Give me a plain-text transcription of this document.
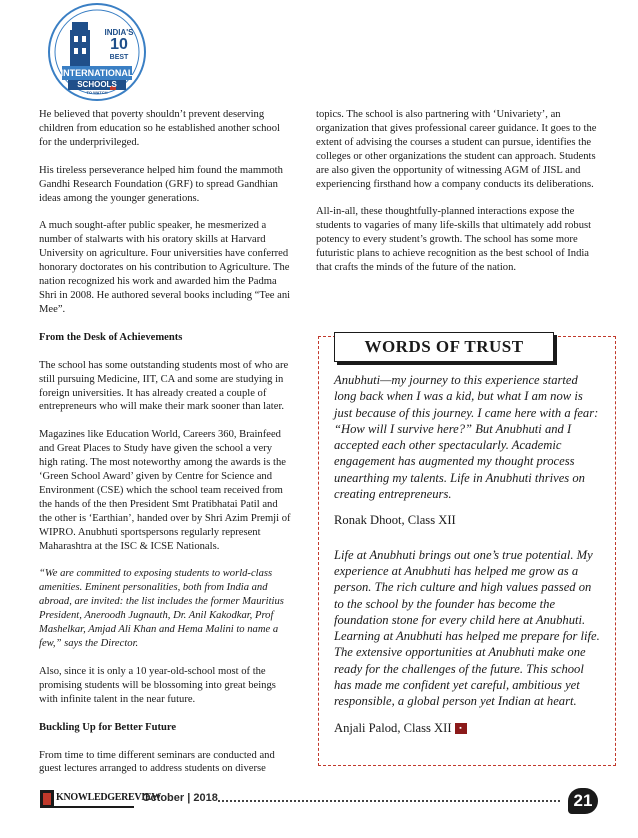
INDIA'S
10
BEST
INTERNATIONAL
SCHOOLS
TO WATCH

He believed that poverty shouldn’t prevent deserving children from education so he established another school for the underprivileged.

His tireless perseverance helped him found the mammoth Gandhi Research Foundation (GRF) to spread Gandhian ideas among the younger generations.

A much sought-after public speaker, he mesmerized a number of stalwarts with his oratory skills at Harvard University on agriculture. Four universities have conferred honorary doctorates on his contribution to Agriculture. The nation recognized his work and awarded him the Padma Shri in 2008. He authored several books including “Tee ani Mee”.

From the Desk of Achievements

The school has some outstanding students most of who are still pursuing Medicine, IIT, CA and some are studying in foreign universities. It has already created a couple of entrepreneurs who will make their mark sooner than later.

Magazines like Education World, Careers 360, Brainfeed and Great Places to Study have given the school a very high rating. The most noteworthy among the awards is the ‘Green School Award’ given by Centre for Science and Environment (CSE) which the school team received from the hands of the then President Smt Pratibhatai Patil and the other is ‘Earthian’, handed over by Shri Azim Premji of WIPRO. Anubhuti sportspersons regularly represent Maharashtra at the ISC & ICSE Nationals.

“We are committed to exposing students to world-class amenities. Eminent personalities, both from India and abroad, are invited: the list includes the former Mauritius President, Aneroodh Jugnauth, Dr. Anil Kakodkar, Prof Mashelkar, Amjad Ali Khan and Hema Malini to name a few,” says the Director.

Also, since it is only a 10 year-old-school most of the promising students will be blossoming into great beings with infinite talent in the near future.

Buckling Up for Better Future

From time to time different seminars are conducted and guest lectures arranged to address students on diverse

topics. The school is also partnering with ‘Univariety’, an organization that gives professional career guidance. It goes to the extent of advising the courses a student can pursue, identifies the colleges or other organizations the student can approach. Students are also given the opportunity of witnessing AGM of JISL and experiencing firsthand how a company conducts its deliberations.

All-in-all, these thoughtfully-planned interactions expose the students to vagaries of many life-skills that ultimately add robust potency to every student’s growth. The school has some more futuristic plans to achieve recognition as the best school of India that crafts the minds of the future of the nation.

WORDS OF TRUST

Anubhuti—my journey to this experience started long back when I was a kid, but what I am now is just because of this journey. I came here with a fear: “How will I survive here?” But Anubhuti and I accepted each other spectacularly. Academic engagement has augmented my thought process unearthing my talents. Life in Anubhuti thrives on creating entrepreneurs.

Ronak Dhoot, Class XII

Life at Anubhuti brings out one’s true potential. My experience at Anubhuti has helped me grow as a person. The rich culture and high values passed on to the school by the founder has become the foundation stone for every child here at Anubhuti. Learning at Anubhuti has helped me prepare for life. The extensive opportunities at Anubhuti make one ready for the challenges of the future. This school has made me confident yet careful, ambitious yet responsible, a global person yet Indian at heart.

Anjali Palod, Class XII ▪

KNOWLEDGEREVIEW
October | 2018	21
